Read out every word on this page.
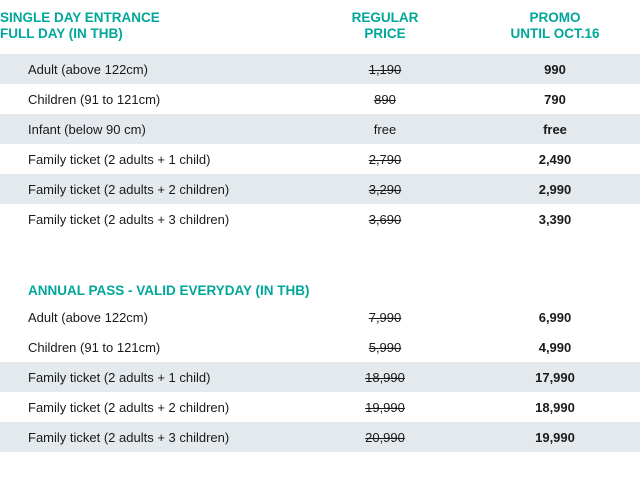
SINGLE DAY ENTRANCE
FULL DAY (IN THB)

REGULAR
PRICE

PROMO
UNTIL OCT.16

Adult (above 122cm)	1,190	990
Children (91 to 121cm)	890	790
Infant (below 90 cm)	free	free
Family ticket (2 adults + 1 child)	2,790	2,490
Family ticket (2 adults + 2 children)	3,290	2,990
Family ticket (2 adults + 3 children)	3,690	3,390

ANNUAL PASS - VALID EVERYDAY (IN THB)		
Adult (above 122cm)	7,990	6,990
Children (91 to 121cm)	5,990	4,990
Family ticket (2 adults + 1 child)	18,990	17,990
Family ticket (2 adults + 2 children)	19,990	18,990
Family ticket (2 adults + 3 children)	20,990	19,990
